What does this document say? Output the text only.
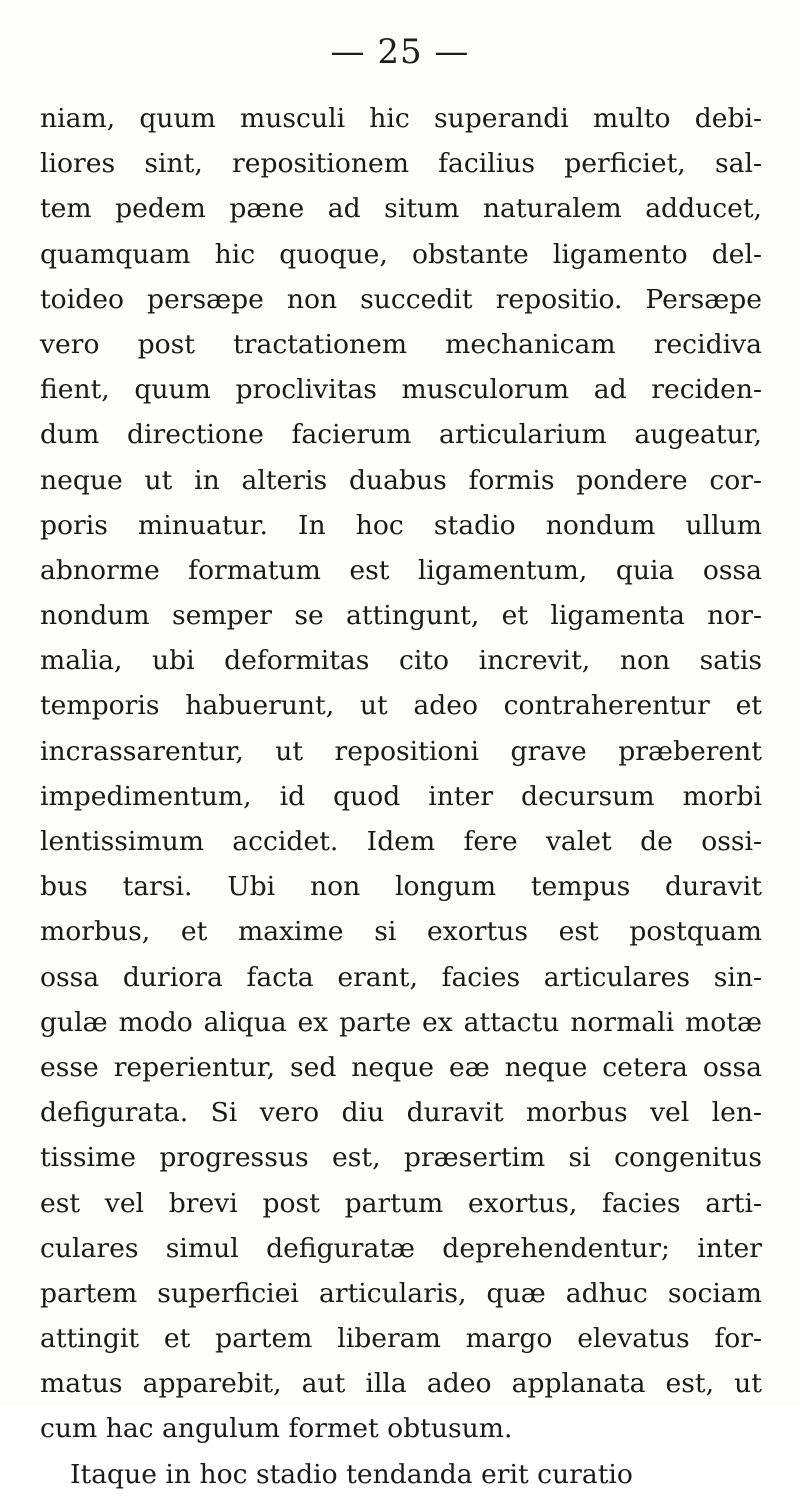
— 25 —
niam, quum musculi hic superandi multo debi-
liores sint, repositionem facilius perficiet, sal-
tem pedem pæne ad situm naturalem adducet,
quamquam hic quoque, obstante ligamento del-
toideo persæpe non succedit repositio. Persæpe
vero post tractationem mechanicam recidiva
fient, quum proclivitas musculorum ad reciden-
dum directione facierum articularium augeatur,
neque ut in alteris duabus formis pondere cor-
poris minuatur. In hoc stadio nondum ullum
abnorme formatum est ligamentum, quia ossa
nondum semper se attingunt, et ligamenta nor-
malia, ubi deformitas cito increvit, non satis
temporis habuerunt, ut adeo contraherentur et
incrassarentur, ut repositioni grave præberent
impedimentum, id quod inter decursum morbi
lentissimum accidet. Idem fere valet de ossi-
bus tarsi. Ubi non longum tempus duravit
morbus, et maxime si exortus est postquam
ossa duriora facta erant, facies articulares sin-
gulæ modo aliqua ex parte ex attactu normali motæ
esse reperientur, sed neque eæ neque cetera ossa
defigurata. Si vero diu duravit morbus vel len-
tissime progressus est, præsertim si congenitus
est vel brevi post partum exortus, facies arti-
culares simul defiguratæ deprehendentur; inter
partem superficiei articularis, quæ adhuc sociam
attingit et partem liberam margo elevatus for-
matus apparebit, aut illa adeo applanata est, ut
cum hac angulum formet obtusum.
Itaque in hoc stadio tendanda erit curatio
